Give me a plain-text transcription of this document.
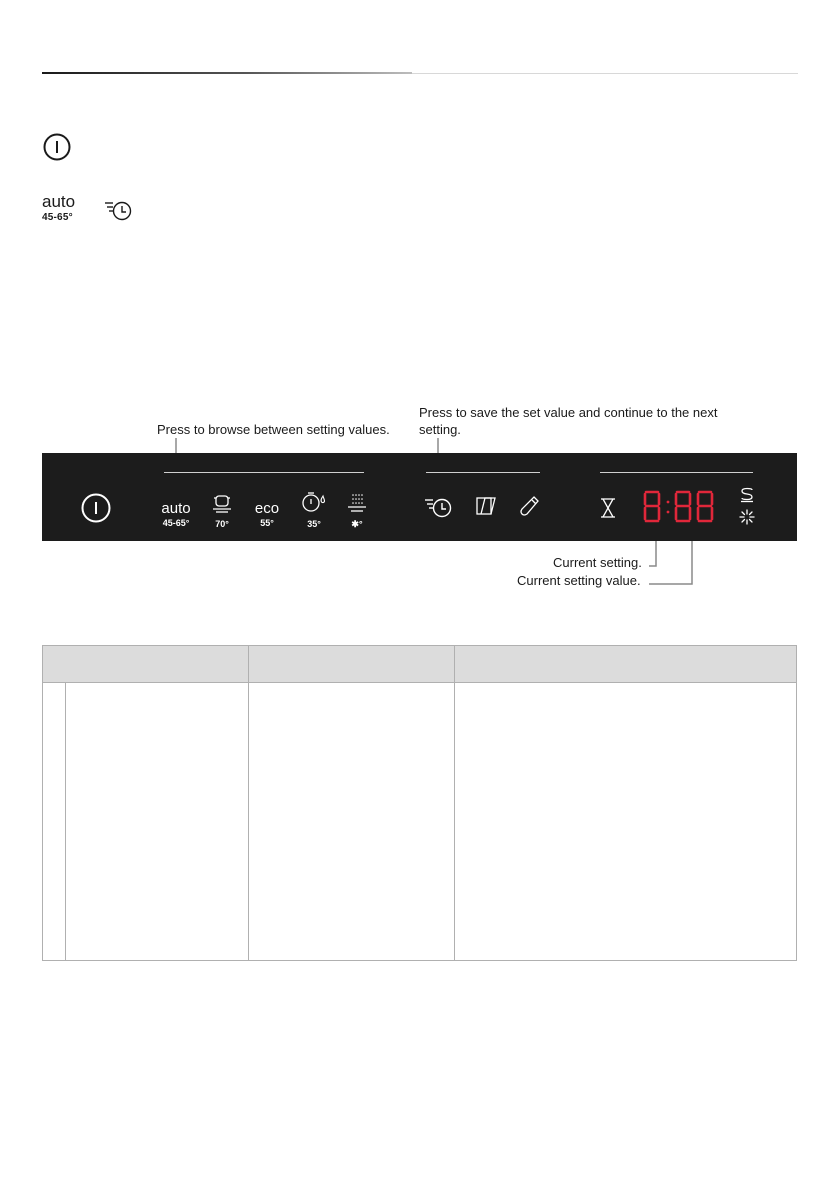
auto
45-65°
Press to browse between setting values.
Press to save the set value and continue to the next setting.
auto
45-65°	70°
eco
55°	35°	✱°
Current setting.
Current setting value.
